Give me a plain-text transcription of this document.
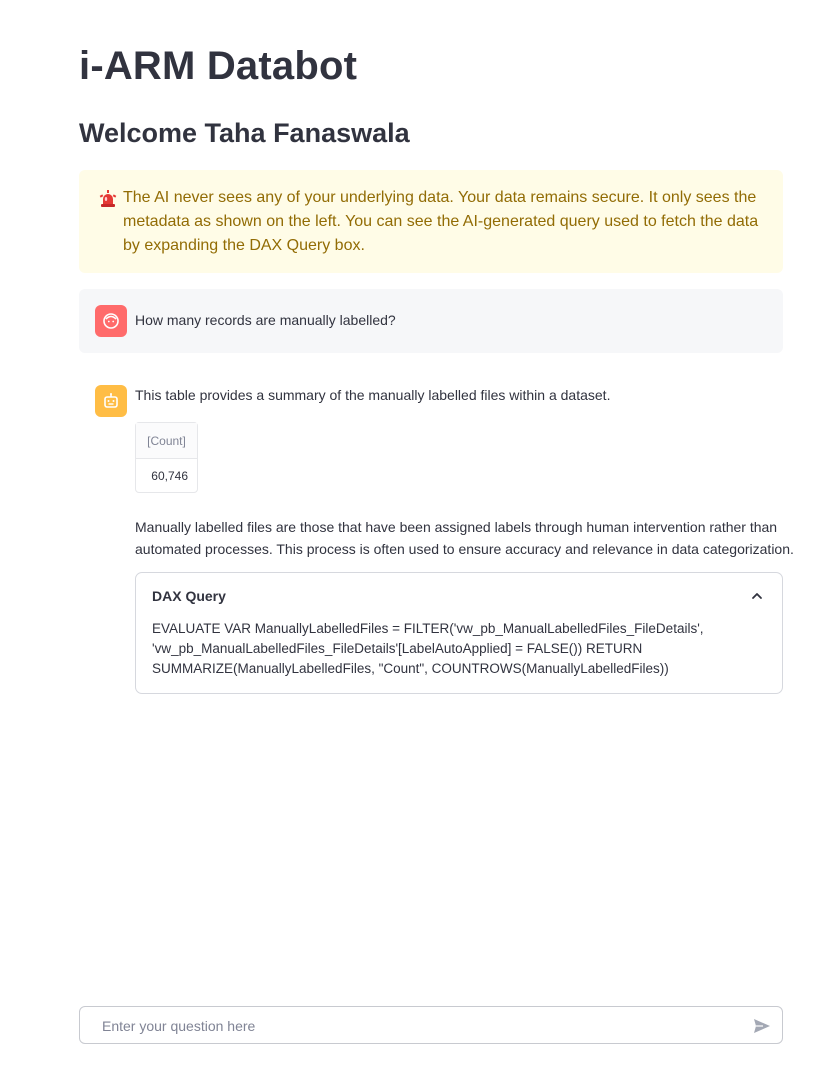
i-ARM Databot
Welcome Taha Fanaswala
The AI never sees any of your underlying data. Your data remains secure. It only sees the metadata as shown on the left. You can see the AI-generated query used to fetch the data by expanding the DAX Query box.
How many records are manually labelled?
This table provides a summary of the manually labelled files within a dataset.
[Count]
60,746
Manually labelled files are those that have been assigned labels through human intervention rather than automated processes. This process is often used to ensure accuracy and relevance in data categorization.
DAX Query
EVALUATE VAR ManuallyLabelledFiles = FILTER('vw_pb_ManualLabelledFiles_FileDetails', 'vw_pb_ManualLabelledFiles_FileDetails'[LabelAutoApplied] = FALSE()) RETURN SUMMARIZE(ManuallyLabelledFiles, "Count", COUNTROWS(ManuallyLabelledFiles))
Enter your question here
